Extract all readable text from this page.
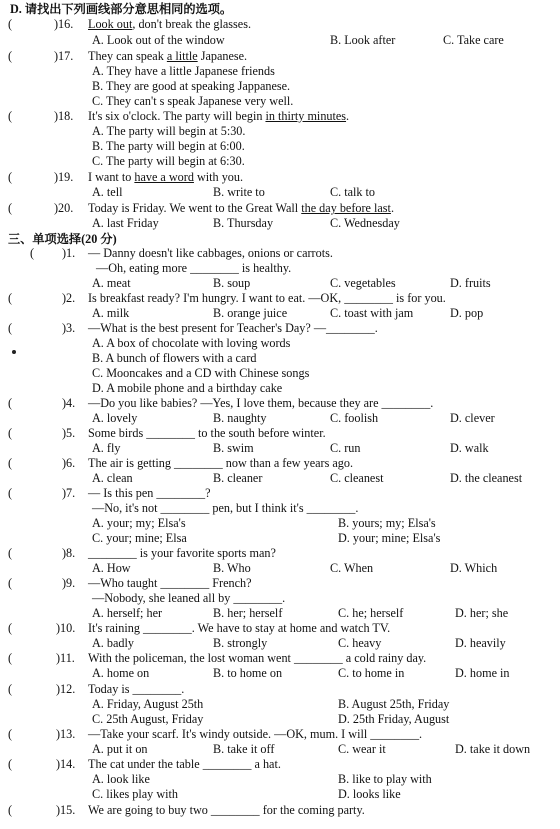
D. 请找出下列画线部分意思相同的选项。
(	)16. Look out, don't break the glasses.
A. Look out of the window	B. Look after	C. Take care
(	)17. They can speak a little Japanese.
A. They have a little Japanese friends
B. They are good at speaking Jappanese.
C. They can't s speak Japanese very well.
(	)18. It's six o'clock. The party will begin in thirty minutes.
A. The party will begin at 5:30.
B. The party will begin at 6:00.
C. The party will begin at 6:30.
(	)19. I want to have a word with you.
A. tell	B. write to	C. talk to
(	)20. Today is Friday. We went to the Great Wall the day before last.
A. last Friday	B. Thursday	C. Wednesday
三、单项选择(20 分)
( )1. — Danny doesn't like cabbages, onions or carrots.
—Oh, eating more ________ is healthy.
A. meat	B. soup	C. vegetables	D. fruits
(	)2. Is breakfast ready? I'm hungry. I want to eat. —OK, ________ is for you.
A. milk	B. orange juice	C. toast with jam	D. pop
(	)3. —What is the best present for Teacher's Day? —________.
A. A box of chocolate with loving words
B. A bunch of flowers with a card
C. Mooncakes and a CD with Chinese songs
D. A mobile phone and a birthday cake
(	)4. —Do you like babies? —Yes, I love them, because they are ________.
A. lovely	B. naughty	C. foolish	D. clever
(	)5. Some birds ________ to the south before winter.
A. fly	B. swim	C. run	D. walk
(	)6. The air is getting ________ now than a few years ago.
A. clean	B. cleaner	C. cleanest	D. the cleanest
(	)7. — Is this pen ________?
—No, it's not ________ pen, but I think it's ________.
A. your; my; Elsa's	B. yours; my; Elsa's
C. your; mine; Elsa	D. your; mine; Elsa's
(	)8. ________ is your favorite sports man?
A. How	B. Who	C. When	D. Which
(	)9. —Who taught ________ French?
—Nobody, she leaned all by ________.
A. herself; her	B. her; herself	C. he; herself	D. her; she
(	)10. It's raining ________. We have to stay at home and watch TV.
A. badly	B. strongly	C. heavy	D. heavily
(	)11. With the policeman, the lost woman went ________ a cold rainy day.
A. home on	B. to home on	C. to home in	D. home in
(	)12. Today is ________.
A. Friday, August 25th	B. August 25th, Friday
C. 25th August, Friday	D. 25th Friday, August
(	)13. —Take your scarf. It's windy outside. —OK, mum. I will ________.
A. put it on	B. take it off	C. wear it	D. take it down
(	)14. The cat under the table ________ a hat.
A. look like	B. like to play with
C. likes play with	D. looks like
(	)15. We are going to buy two ________ for the coming party.
